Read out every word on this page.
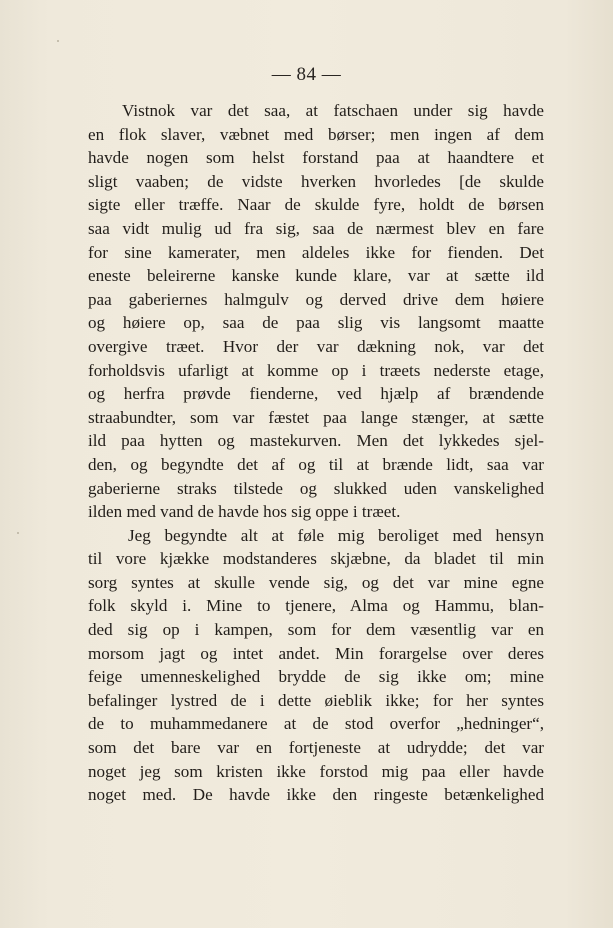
— 84 —
Vistnok var det saa, at fatschaen under sig havde
en flok slaver, væbnet med børser; men ingen af dem
havde nogen som helst forstand paa at haandtere et
sligt vaaben; de vidste hverken hvorledes [de skulde
sigte eller træffe. Naar de skulde fyre, holdt de børsen
saa vidt mulig ud fra sig, saa de nærmest blev en fare
for sine kamerater, men aldeles ikke for fienden. Det
eneste beleirerne kanske kunde klare, var at sætte ild
paa gaberiernes halmgulv og derved drive dem høiere
og høiere op, saa de paa slig vis langsomt maatte
overgive træet. Hvor der var dækning nok, var det
forholdsvis ufarligt at komme op i træets nederste etage,
og herfra prøvde fienderne, ved hjælp af brændende
straabundter, som var fæstet paa lange stænger, at sætte
ild paa hytten og mastekurven. Men det lykkedes sjel-
den, og begyndte det af og til at brænde lidt, saa var
gaberierne straks tilstede og slukked uden vanskelighed
ilden med vand de havde hos sig oppe i træet.
Jeg begyndte alt at føle mig beroliget med hensyn
til vore kjække modstanderes skjæbne, da bladet til min
sorg syntes at skulle vende sig, og det var mine egne
folk skyld i. Mine to tjenere, Alma og Hammu, blan-
ded sig op i kampen, som for dem væsentlig var en
morsom jagt og intet andet. Min forargelse over deres
feige umenneskelighed brydde de sig ikke om; mine
befalinger lystred de i dette øieblik ikke; for her syntes
de to muhammedanere at de stod overfor „hedninger“,
som det bare var en fortjeneste at udrydde; det var
noget jeg som kristen ikke forstod mig paa eller havde
noget med. De havde ikke den ringeste betænkelighed
